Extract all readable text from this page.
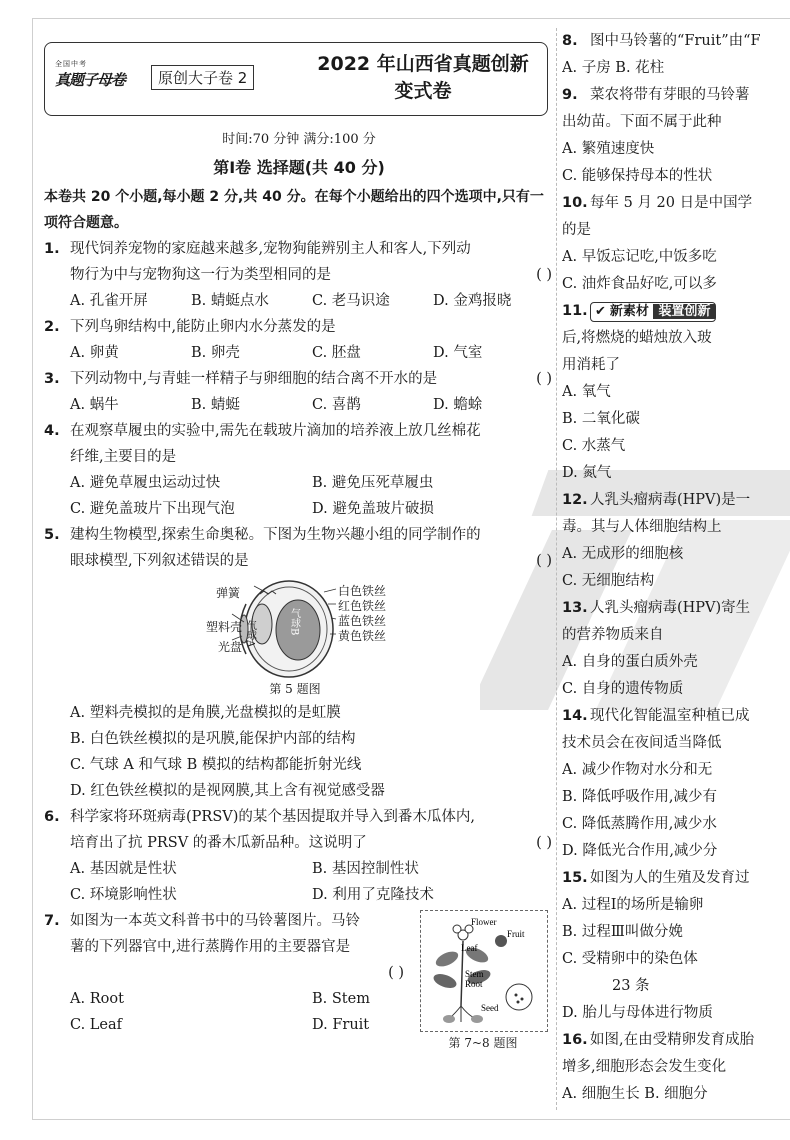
全国中考
真题子母卷	原创大子卷 2
2022 年山西省真题创新
变式卷
时间:70 分钟 满分:100 分
第Ⅰ卷 选择题(共 40 分)
本卷共 20 个小题,每小题 2 分,共 40 分。在每个小题给出的四个选项中,只有一项符合题意。
1. 现代饲养宠物的家庭越来越多,宠物狗能辨别主人和客人,下列动
物行为中与宠物狗这一行为类型相同的是	( )
A. 孔雀开屏	B. 蜻蜓点水	C. 老马识途	D. 金鸡报晓
2. 下列鸟卵结构中,能防止卵内水分蒸发的是
A. 卵黄	B. 卵壳	C. 胚盘	D. 气室
3. 下列动物中,与青蛙一样精子与卵细胞的结合离不开水的是	( )
A. 蜗牛	B. 蜻蜓	C. 喜鹊	D. 蟾蜍
4. 在观察草履虫的实验中,需先在载玻片滴加的培养液上放几丝棉花
纤维,主要目的是
A. 避免草履虫运动过快	B. 避免压死草履虫
C. 避免盖玻片下出现气泡	D. 避免盖玻片破损
5. 建构生物模型,探索生命奥秘。下图为生物兴趣小组的同学制作的
眼球模型,下列叙述错误的是	( )
气球A	气球B
弹簧
塑料壳
光盘
白色铁丝
红色铁丝
蓝色铁丝
黄色铁丝
第 5 题图
A. 塑料壳模拟的是角膜,光盘模拟的是虹膜
B. 白色铁丝模拟的是巩膜,能保护内部的结构
C. 气球 A 和气球 B 模拟的结构都能折射光线
D. 红色铁丝模拟的是视网膜,其上含有视觉感受器
6. 科学家将环斑病毒(PRSV)的某个基因提取并导入到番木瓜体内,
培育出了抗 PRSV 的番木瓜新品种。这说明了	( )
A. 基因就是性状	B. 基因控制性状
C. 环境影响性状	D. 利用了克隆技术
Flower
Fruit
Leaf
Stem
Root
Seed
7. 如图为一本英文科普书中的马铃薯图片。马铃
薯的下列器官中,进行蒸腾作用的主要器官是
( )
A. Root	B. Stem
C. Leaf	D. Fruit
第 7~8 题图
8. 图中马铃薯的“Fruit”由“F
A. 子房 B. 花柱
9. 菜农将带有芽眼的马铃薯
出幼苗。下面不属于此种
A. 繁殖速度快
C. 能够保持母本的性状
10. 每年 5 月 20 日是中国学
的是
A. 早饭忘记吃,中饭多吃
C. 油炸食品好吃,可以多
11. ✔ 新素材 装置创新
后,将燃烧的蜡烛放入玻
用消耗了
A. 氧气
B. 二氧化碳
C. 水蒸气
D. 氮气
12. 人乳头瘤病毒(HPV)是一
毒。其与人体细胞结构上
A. 无成形的细胞核
C. 无细胞结构
13. 人乳头瘤病毒(HPV)寄生
的营养物质来自
A. 自身的蛋白质外壳
C. 自身的遗传物质
14. 现代化智能温室种植已成
技术员会在夜间适当降低
A. 减少作物对水分和无
B. 降低呼吸作用,减少有
C. 降低蒸腾作用,减少水
D. 降低光合作用,减少分
15. 如图为人的生殖及发育过
A. 过程Ⅰ的场所是输卵
B. 过程Ⅲ叫做分娩
C. 受精卵中的染色体
23 条
D. 胎儿与母体进行物质
16. 如图,在由受精卵发育成胎
增多,细胞形态会发生变化
A. 细胞生长 B. 细胞分
